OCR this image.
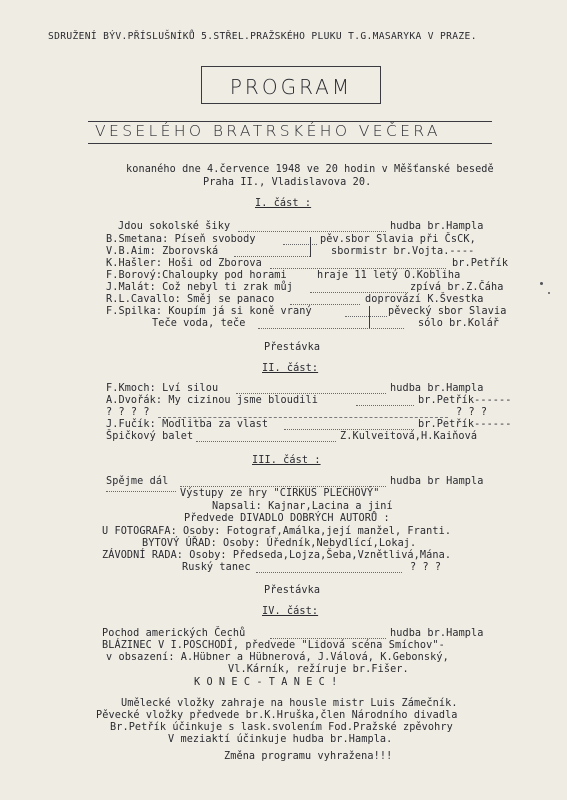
SDRUŽENÍ BÝV.PŘÍSLUŠNÍKŮ 5.STŘEL.PRAŽSKÉHO PLUKU T.G.MASARYKA V PRAZE.
PROGRAM
VESELÉHO BRATRSKÉHO VEČERA
konaného dne 4.července 1948 ve 20 hodin v Měšťanské besedě
Praha II., Vladislavova 20.
I. část :
Jdou sokolské šiky	hudba br.Hampla
B.Smetana: Píseň svobody	pěv.sbor Slavia při ČsCK,
V.B.Aim: Zborovská	sbormistr br.Vojta.----
K.Hašler: Hoši od Zborova	br.Petřík
F.Borový:Chaloupky pod horami	hraje 11 letý O.Kobliha
J.Malát: Což nebyl ti zrak můj	zpívá br.Z.Čáha
R.L.Cavallo: Směj se panaco	doprovází K.Švestka
F.Spilka: Koupím já si koně vraný	pěvecký sbor Slavia
Teče voda, teče	sólo br.Kolář
Přestávka
II. část:
F.Kmoch: Lví silou	hudba br.Hampla
A.Dvořák: My cizinou jsme bloudili	br.Petřík------
? ? ? ?	? ? ?
J.Fučík: Modlitba za vlast	br.Petřík------
Špičkový balet	Z.Kulveitová,H.Kaiňová
III. část :
Spějme dál	hudba br Hampla
Výstupy ze hry "CIRKUS PLECHOVÝ"
Napsali: Kajnar,Lacina a jiní
Předvede DIVADLO DOBRÝCH AUTORŮ :
U FOTOGRAFA: Osoby: Fotograf,Amálka,její manžel, Franti.
BYTOVÝ ÚŘAD: Osoby: Úředník,Nebydlící,Lokaj.
ZÁVODNÍ RADA: Osoby: Předseda,Lojza,Šeba,Vznětlivá,Mána.
Ruský tanec	? ? ?
Přestávka
IV. část:
Pochod amerických Čechů	hudba br.Hampla
BLÁZINEC V I.POSCHODÍ, předvede "Lidová scéna Smíchov"-
v obsazení: A.Hübner a Hübnerová, J.Válová, K.Gebonský,
Vl.Kárník, režíruje br.Fišer.
K O N E C - T A N E C !
Umělecké vložky zahraje na housle mistr Luis Zámečník.
Pěvecké vložky předvede br.K.Hruška,člen Národního divadla
Br.Petřík účinkuje s lask.svolením Fod.Pražské zpěvohry
V meziaktí účinkuje hudba br.Hampla.
Změna programu vyhražena!!!
